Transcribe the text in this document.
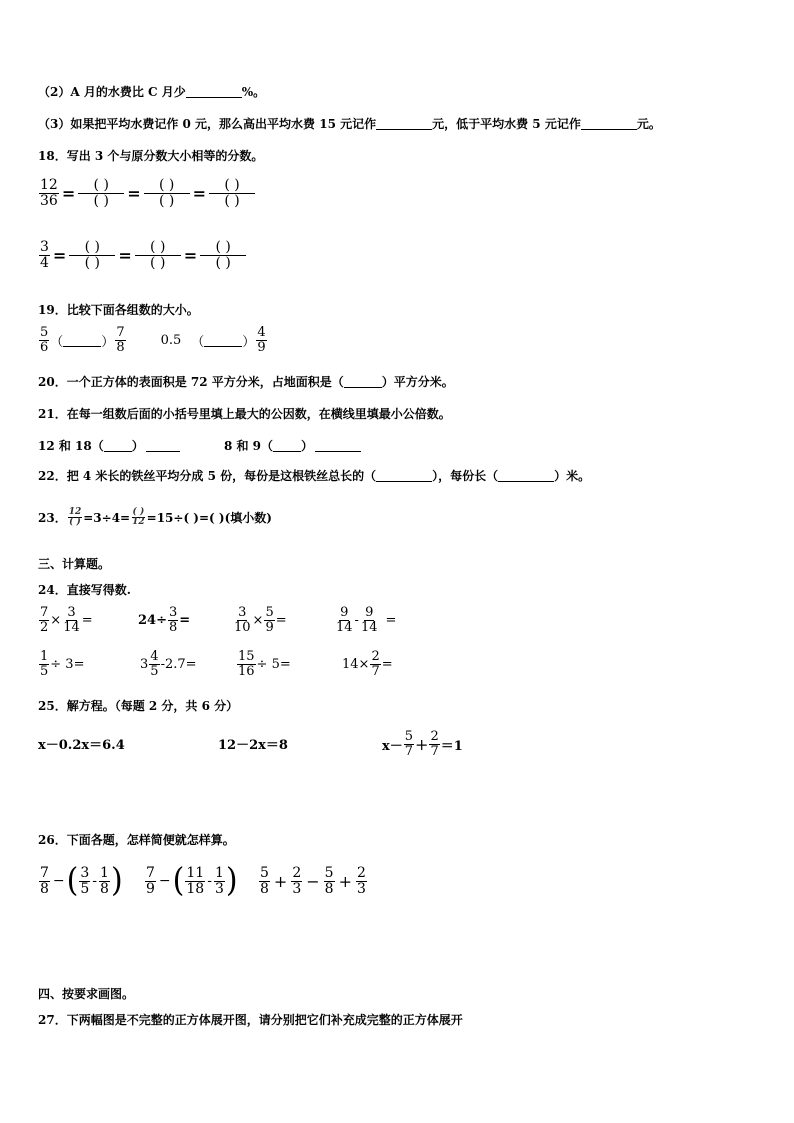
（2）A 月的水费比 C 月少	%。
（3）如果把平均水费记作 0 元，那么高出平均水费 15 元记作	元，低于平均水费 5 元记作	元。
18．写出 3 个与原分数大小相等的分数。
$\frac{12}{36} = \frac{( )}{( )} = \frac{( )}{( )} = \frac{( )}{( )}$
$\frac{3}{4} = \frac{( )}{( )} = \frac{( )}{( )} = \frac{( )}{( )}$
19．比较下面各组数的大小。
$\frac{5}{6}$ （	） $\frac{7}{8}$	0.5 （	） $\frac{4}{9}$
20．一个正方体的表面积是 72 平方分米，占地面积是（	）平方分米。
21．在每一组数后面的小括号里填上最大的公因数，在横线里填最小公倍数。
12 和 18（ ）	8 和 9（ ）
22．把 4 米长的铁丝平均分成 5 份，每份是这根铁丝总长的（	），每份长（	）米。
23． $\frac{12}{( )} =3\div 4= \frac{( )}{12} =15\div$( )=( )(填小数)
三、计算题。
24．直接写得数.
$\frac{7}{2} \times \frac{3}{14}$ =	$24\div \frac{3}{8}$ =	$\frac{3}{10} \times \frac{5}{9}$ =	$\frac{9}{14} - \frac{9}{14}$ =
$\frac{1}{5} \div 3=$	$3 \frac{4}{5} -2.7=$	$\frac{15}{16} \div 5=$	$14\times \frac{2}{7}$ =
25．解方程。（每题 2 分，共 6 分）
x－0.2x＝6.4	12－2x＝8	$x- \frac{5}{7} + \frac{2}{7} =1$
26．下面各题，怎样简便就怎样算。
$\frac{7}{8}$ − ( $\frac{3}{5} - \frac{1}{8}$ ) $\frac{7}{9}$ − ( $\frac{11}{18} - \frac{1}{3}$ ) $\frac{5}{8} + \frac{2}{3} - \frac{5}{8} + \frac{2}{3}$
四、按要求画图。
27．下两幅图是不完整的正方体展开图，请分别把它们补充成完整的正方体展开
